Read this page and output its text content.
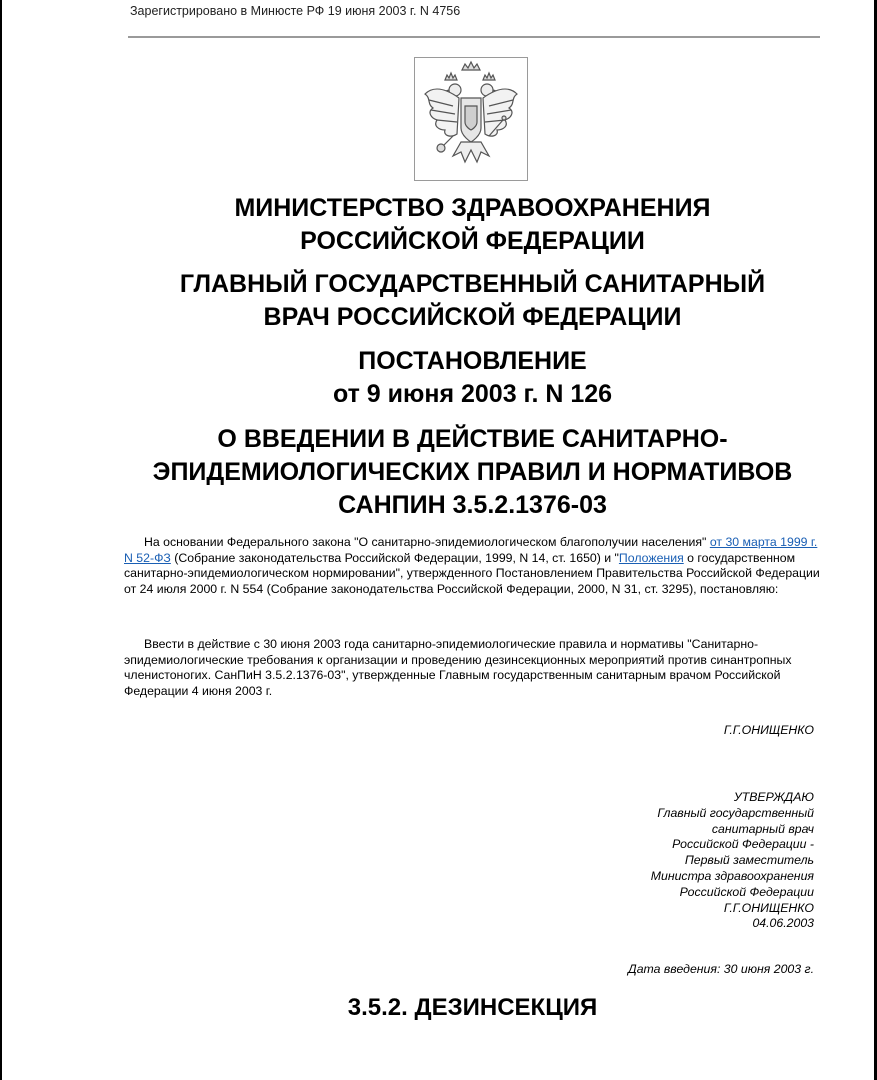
Зарегистрировано в Минюсте РФ 19 июня 2003 г. N 4756
МИНИСТЕРСТВО ЗДРАВООХРАНЕНИЯ
РОССИЙСКОЙ ФЕДЕРАЦИИ
ГЛАВНЫЙ ГОСУДАРСТВЕННЫЙ САНИТАРНЫЙ
ВРАЧ РОССИЙСКОЙ ФЕДЕРАЦИИ
ПОСТАНОВЛЕНИЕ
от 9 июня 2003 г. N 126
О ВВЕДЕНИИ В ДЕЙСТВИЕ САНИТАРНО-
ЭПИДЕМИОЛОГИЧЕСКИХ ПРАВИЛ И НОРМАТИВОВ
САНПИН 3.5.2.1376-03
На основании Федерального закона "О санитарно-эпидемиологическом благополучии населения" от 30 марта 1999 г. N 52-ФЗ (Собрание законодательства Российской Федерации, 1999, N 14, ст. 1650) и "Положения о государственном санитарно-эпидемиологическом нормировании", утвержденного Постановлением Правительства Российской Федерации от 24 июля 2000 г. N 554 (Собрание законодательства Российской Федерации, 2000, N 31, ст. 3295), постановляю:
Ввести в действие с 30 июня 2003 года санитарно-эпидемиологические правила и нормативы "Санитарно-эпидемиологические требования к организации и проведению дезинсекционных мероприятий против синантропных членистоногих. СанПиН 3.5.2.1376-03", утвержденные Главным государственным санитарным врачом Российской Федерации 4 июня 2003 г.
Г.Г.ОНИЩЕНКО
УТВЕРЖДАЮ
Главный государственный
санитарный врач
Российской Федерации -
Первый заместитель
Министра здравоохранения
Российской Федерации
Г.Г.ОНИЩЕНКО
04.06.2003
Дата введения: 30 июня 2003 г.
3.5.2. ДЕЗИНСЕКЦИЯ
